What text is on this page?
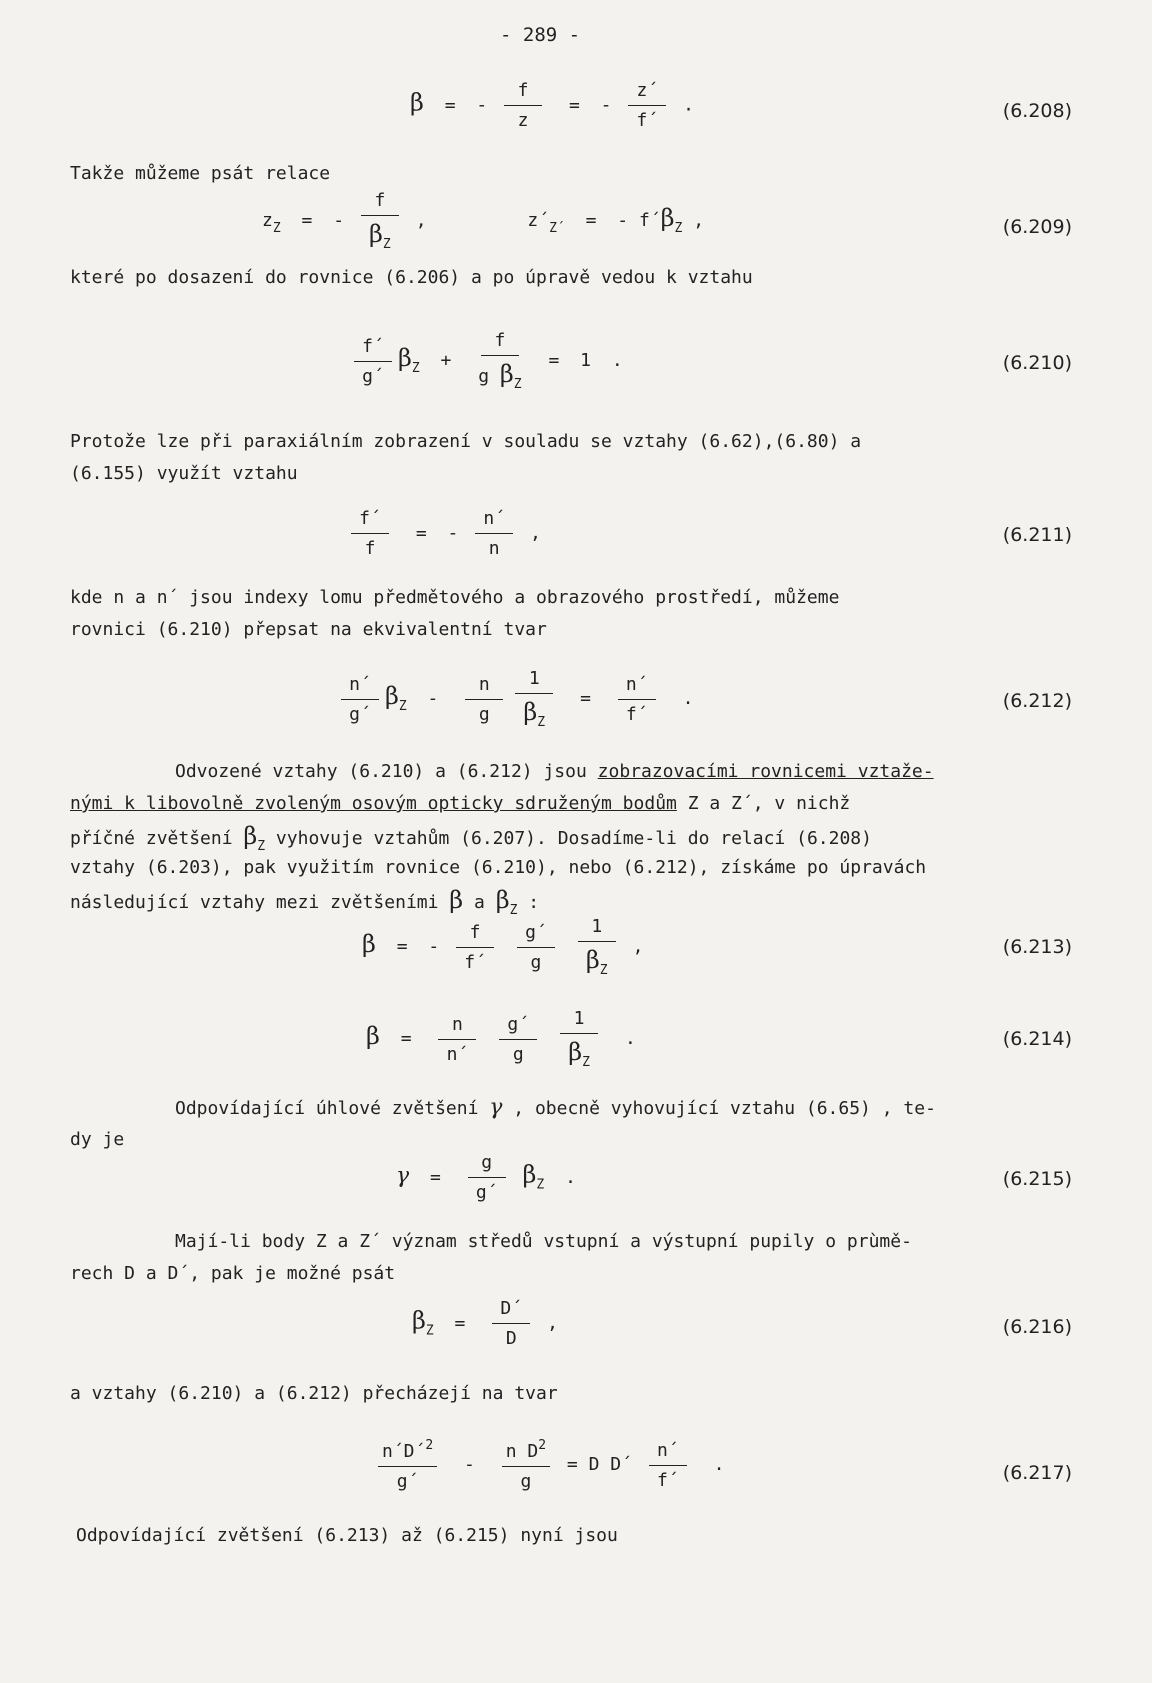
- 289 -
β = - $\frac{f}{z}$ = - $\frac{z´}{f´}$ .	(6.208)
Takže můžeme psát relace
$z_Z$ = - $\frac{f}{\beta_Z}$ ,	$z´_{Z´}$ = - $f´\beta_Z$ ,	(6.209)
které po dosazení do rovnice (6.206) a po úpravě vedou k vztahu
$\frac{f´}{g´} \beta_Z + \frac{f}{g \beta_Z} = 1$ .	(6.210)
Protože lze při paraxiálním zobrazení v souladu se vztahy (6.62),(6.80) a
(6.155) využít vztahu
$\frac{f´}{f}$ = - $\frac{n´}{n}$ ,	(6.211)
kde n a n´ jsou indexy lomu předmětového a obrazového prostředí, můžeme
rovnici (6.210) přepsat na ekvivalentní tvar
$\frac{n´}{g´} \beta_Z - \frac{n}{g} \frac{1}{\beta_Z} = \frac{n´}{f´}$ .	(6.212)
Odvozené vztahy (6.210) a (6.212) jsou zobrazovacími rovnicemi vztaže-
nými k libovolně zvoleným osovým opticky sdruženým bodům Z a Z´, v nichž
příčné zvětšení $\beta_Z$ vyhovuje vztahům (6.207). Dosadíme-li do relací (6.208)
vztahy (6.203), pak využitím rovnice (6.210), nebo (6.212), získáme po úpravách
následující vztahy mezi zvětšeními β a $\beta_Z$ :
β = - $\frac{f}{f´}$
$\frac{g´}{g}$
$\frac{1}{\beta_Z}$ ,	(6.213)
$\beta = \frac{n}{n´}$
$\frac{g´}{g}$
$\frac{1}{\beta_Z}$ .	(6.214)
Odpovídající úhlové zvětšení γ , obecně vyhovující vztahu (6.65) , te-
dy je
$\gamma = \frac{g}{g´} \beta_Z$ .	(6.215)
Mají-li body Z a Z´ význam středů vstupní a výstupní pupily o prùmě-
rech D a D´, pak je možné psát
$\beta_Z = \frac{D´}{D}$ ,	(6.216)
a vztahy (6.210) a (6.212) přecházejí na tvar
$\frac{n´D´^2}{g´} - \frac{n D^2}{g} = D$ D´ $\frac{n´}{f´}$ .	(6.217)
Odpovídající zvětšení (6.213) až (6.215) nyní jsou
